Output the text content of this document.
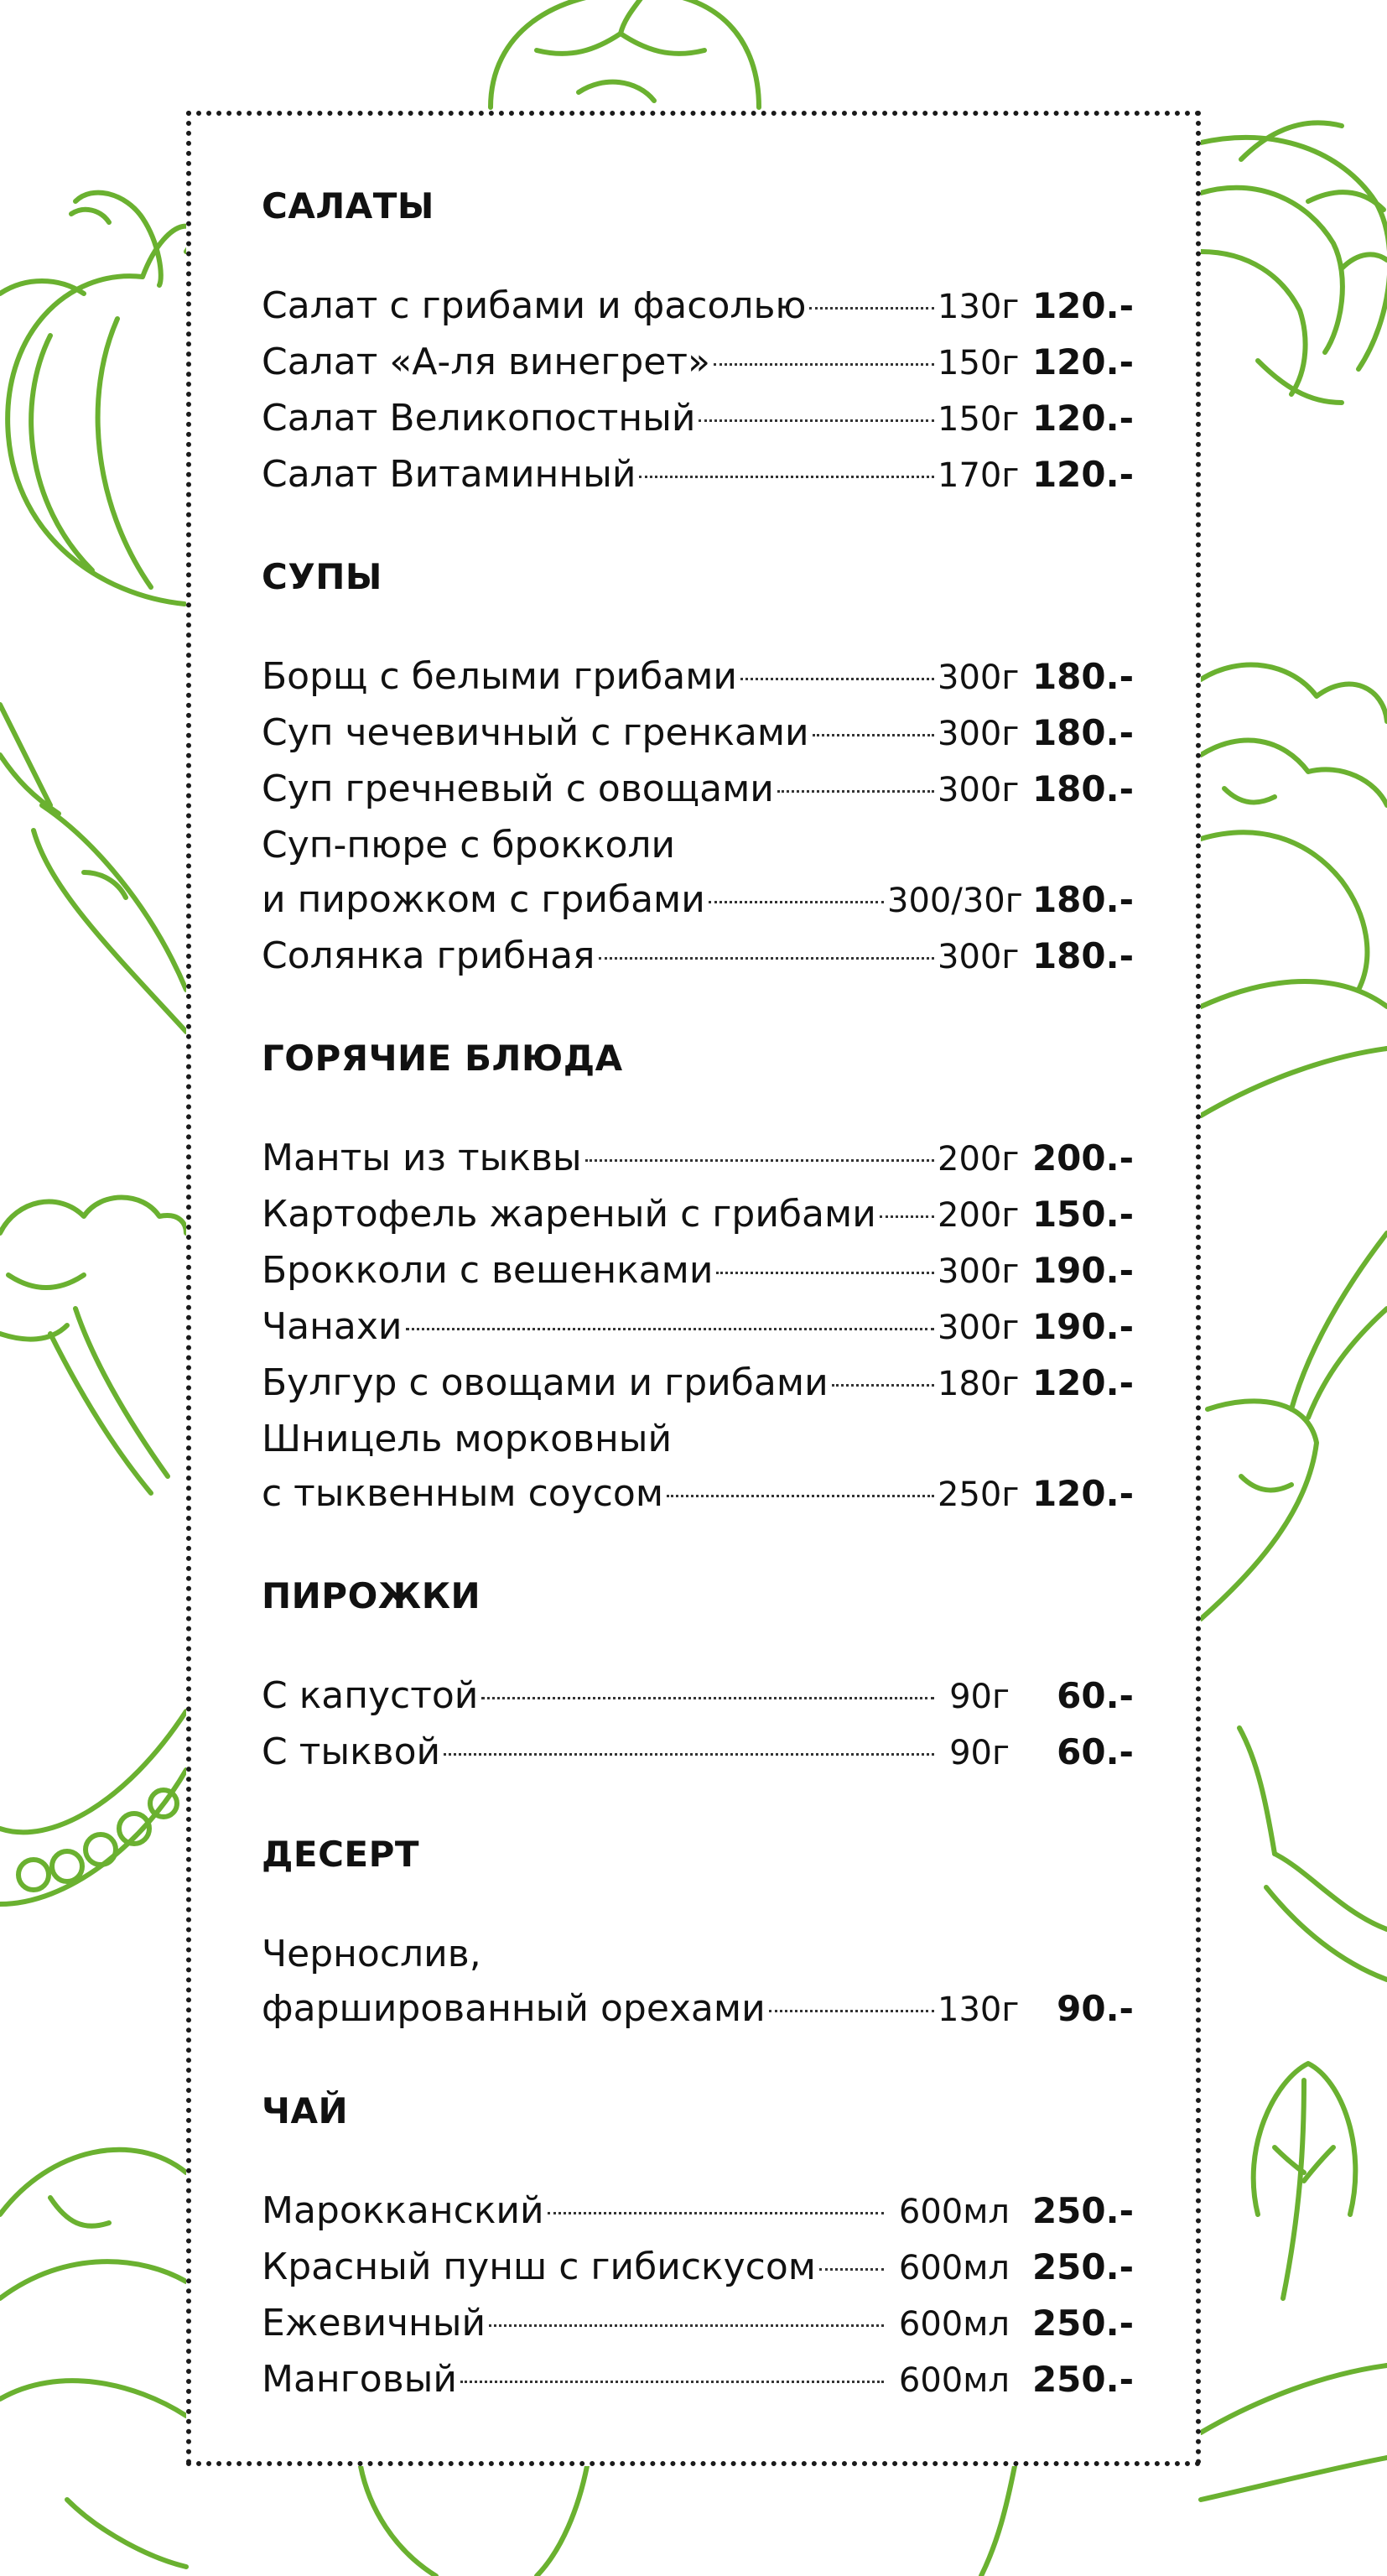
САЛАТЫ
Салат с грибами и фасолью	130г 120.-
Салат «А-ля винегрет»	150г 120.-
Салат Великопостный	150г 120.-
Салат Витаминный	170г 120.-
СУПЫ
Борщ с белыми грибами	300г 180.-
Суп чечевичный с гренками	300г 180.-
Суп гречневый с овощами	300г 180.-
Суп-пюре с брокколи
и пирожком с грибами	300/30г 180.-
Солянка грибная	300г 180.-
ГОРЯЧИЕ БЛЮДА
Манты из тыквы	200г 200.-
Картофель жареный с грибами 200г 150.-
Брокколи с вешенками	300г 190.-
Чанахи	300г 190.-
Булгур с овощами и грибами	180г 120.-
Шницель морковный
с тыквенным соусом	250г 120.-
ПИРОЖКИ
С капустой	90г	60.-
С тыквой	90г	60.-
ДЕСЕРТ
Чернослив,
фаршированный орехами	130г	90.-
ЧАЙ
Марокканский	600мл 250.-
Красный пунш с гибискусом	600мл 250.-
Ежевичный	600мл 250.-
Манговый	600мл 250.-
